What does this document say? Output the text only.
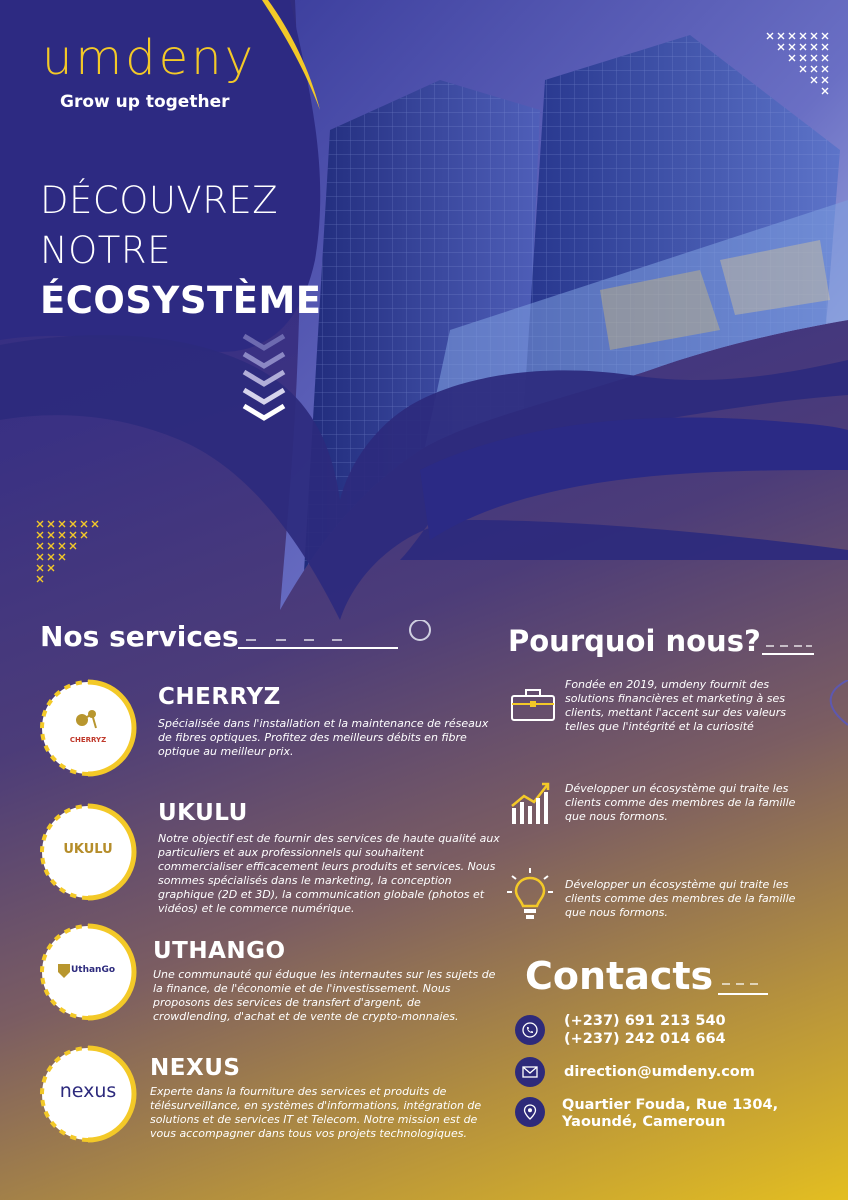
umdeny
Grow up together
DÉCOUVREZ
NOTRE
ÉCOSYSTÈME
Nos services
CHERRYZ
CHERRYZ
Spécialisée dans l'installation et la maintenance de réseaux de fibres optiques. Profitez des meilleurs débits en fibre optique au meilleur prix.
UKULU
UKULU
Notre objectif est de fournir des services de haute qualité aux particuliers et aux professionnels qui souhaitent commercialiser efficacement leurs produits et services. Nous sommes spécialisés dans le marketing, la conception graphique (2D et 3D), la communication globale (photos et vidéos) et le commerce numérique.
UthanGo
UTHANGO
Une communauté qui éduque les internautes sur les sujets de la finance, de l'économie et de l'investissement. Nous proposons des services de transfert d'argent, de crowdlending, d'achat et de vente de crypto-monnaies.
nexus
NEXUS
Experte dans la fourniture des services et produits de télésurveillance, en systèmes d'informations, intégration de solutions et de services IT et Telecom. Notre mission est de vous accompagner dans tous vos projets technologiques.
Pourquoi nous?
Fondée en 2019, umdeny fournit des solutions financières et marketing à ses clients, mettant l'accent sur des valeurs telles que l'intégrité et la curiosité
Développer un écosystème qui traite les clients comme des membres de la famille que nous formons.
Développer un écosystème qui traite les clients comme des membres de la famille que nous formons.
Contacts
(+237) 691 213 540
(+237) 242 014 664
direction@umdeny.com
Quartier Fouda, Rue 1304,
Yaoundé, Cameroun
